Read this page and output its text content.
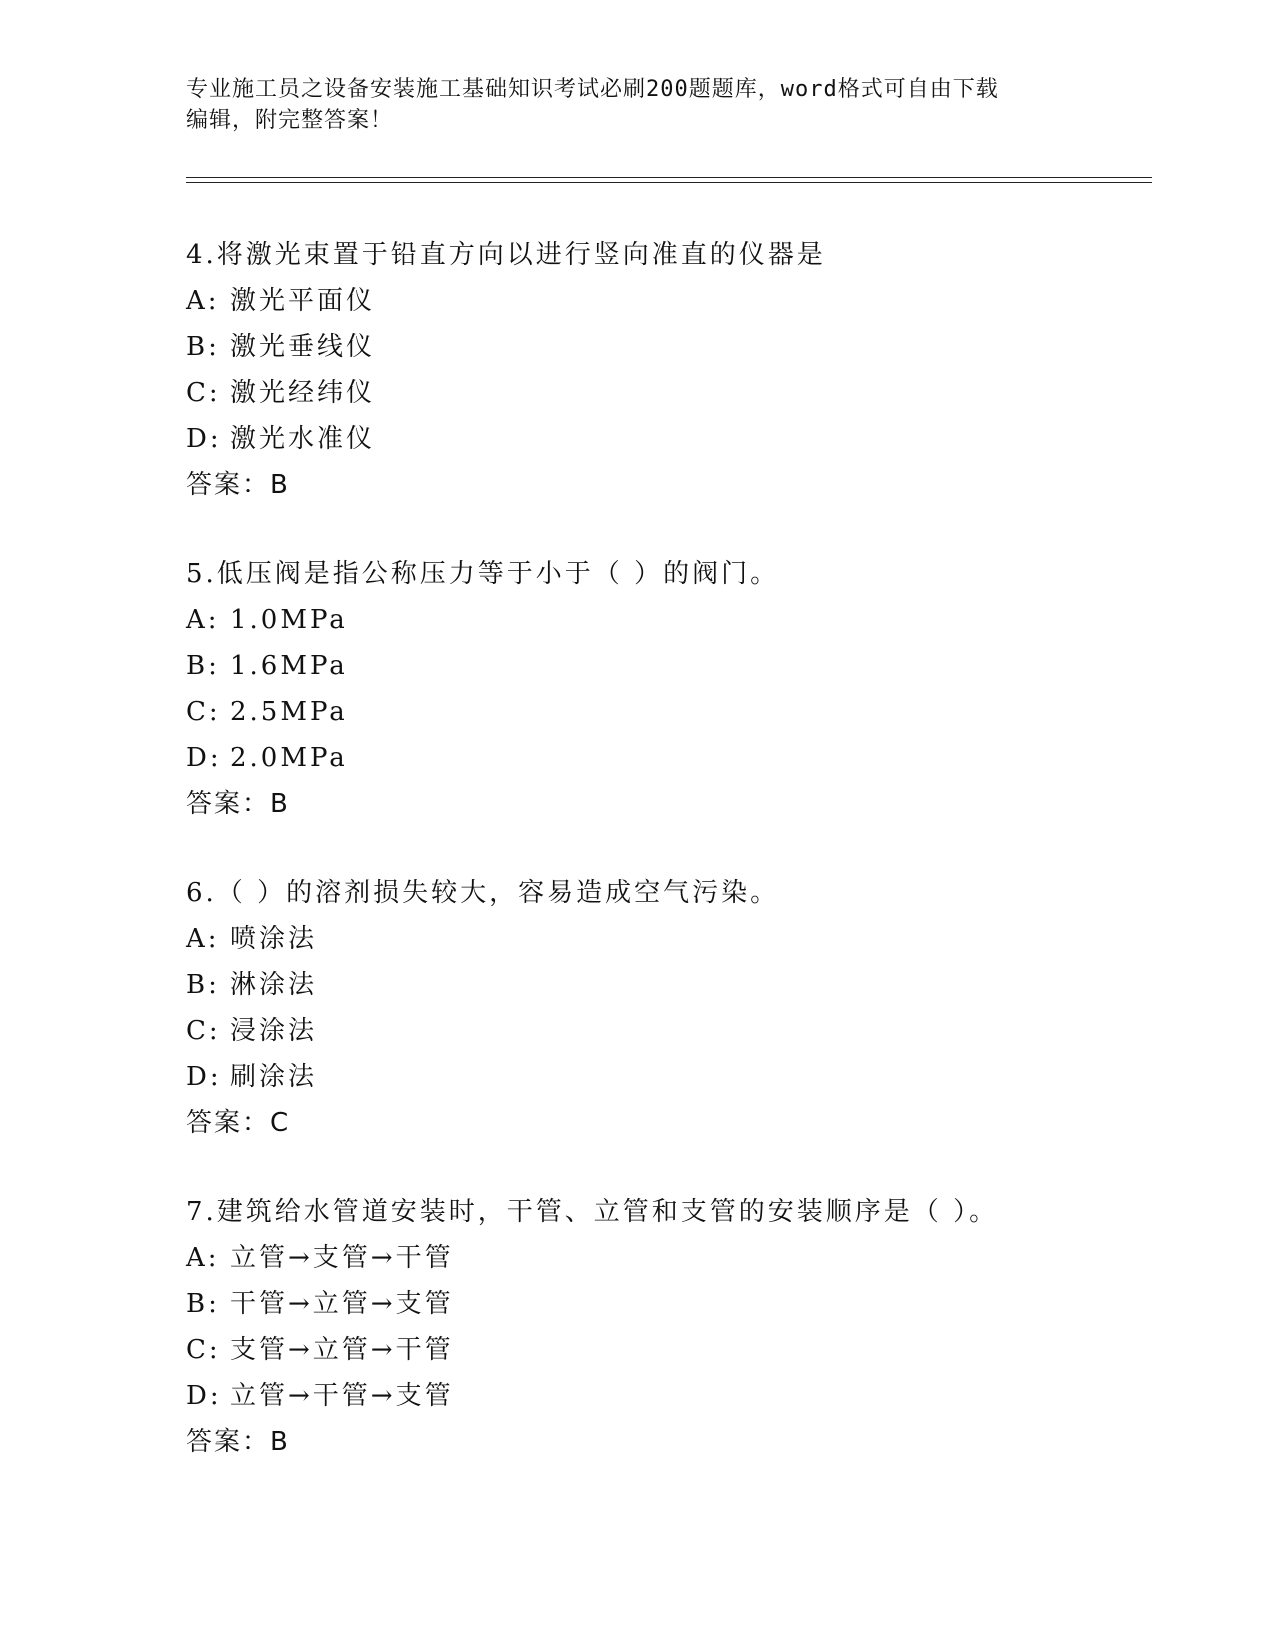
专业施工员之设备安装施工基础知识考试必刷200题题库，word格式可自由下载
编辑，附完整答案！
4.将激光束置于铅直方向以进行竖向准直的仪器是
A: 激光平面仪
B: 激光垂线仪
C: 激光经纬仪
D: 激光水准仪
答案：B
5.低压阀是指公称压力等于小于（ ）的阀门。
A: 1.0MPa
B: 1.6MPa
C: 2.5MPa
D: 2.0MPa
答案：B
6.（ ）的溶剂损失较大，容易造成空气污染。
A: 喷涂法
B: 淋涂法
C: 浸涂法
D: 刷涂法
答案：C
7.建筑给水管道安装时，干管、立管和支管的安装顺序是（ ）。
A: 立管→支管→干管
B: 干管→立管→支管
C: 支管→立管→干管
D: 立管→干管→支管
答案：B
